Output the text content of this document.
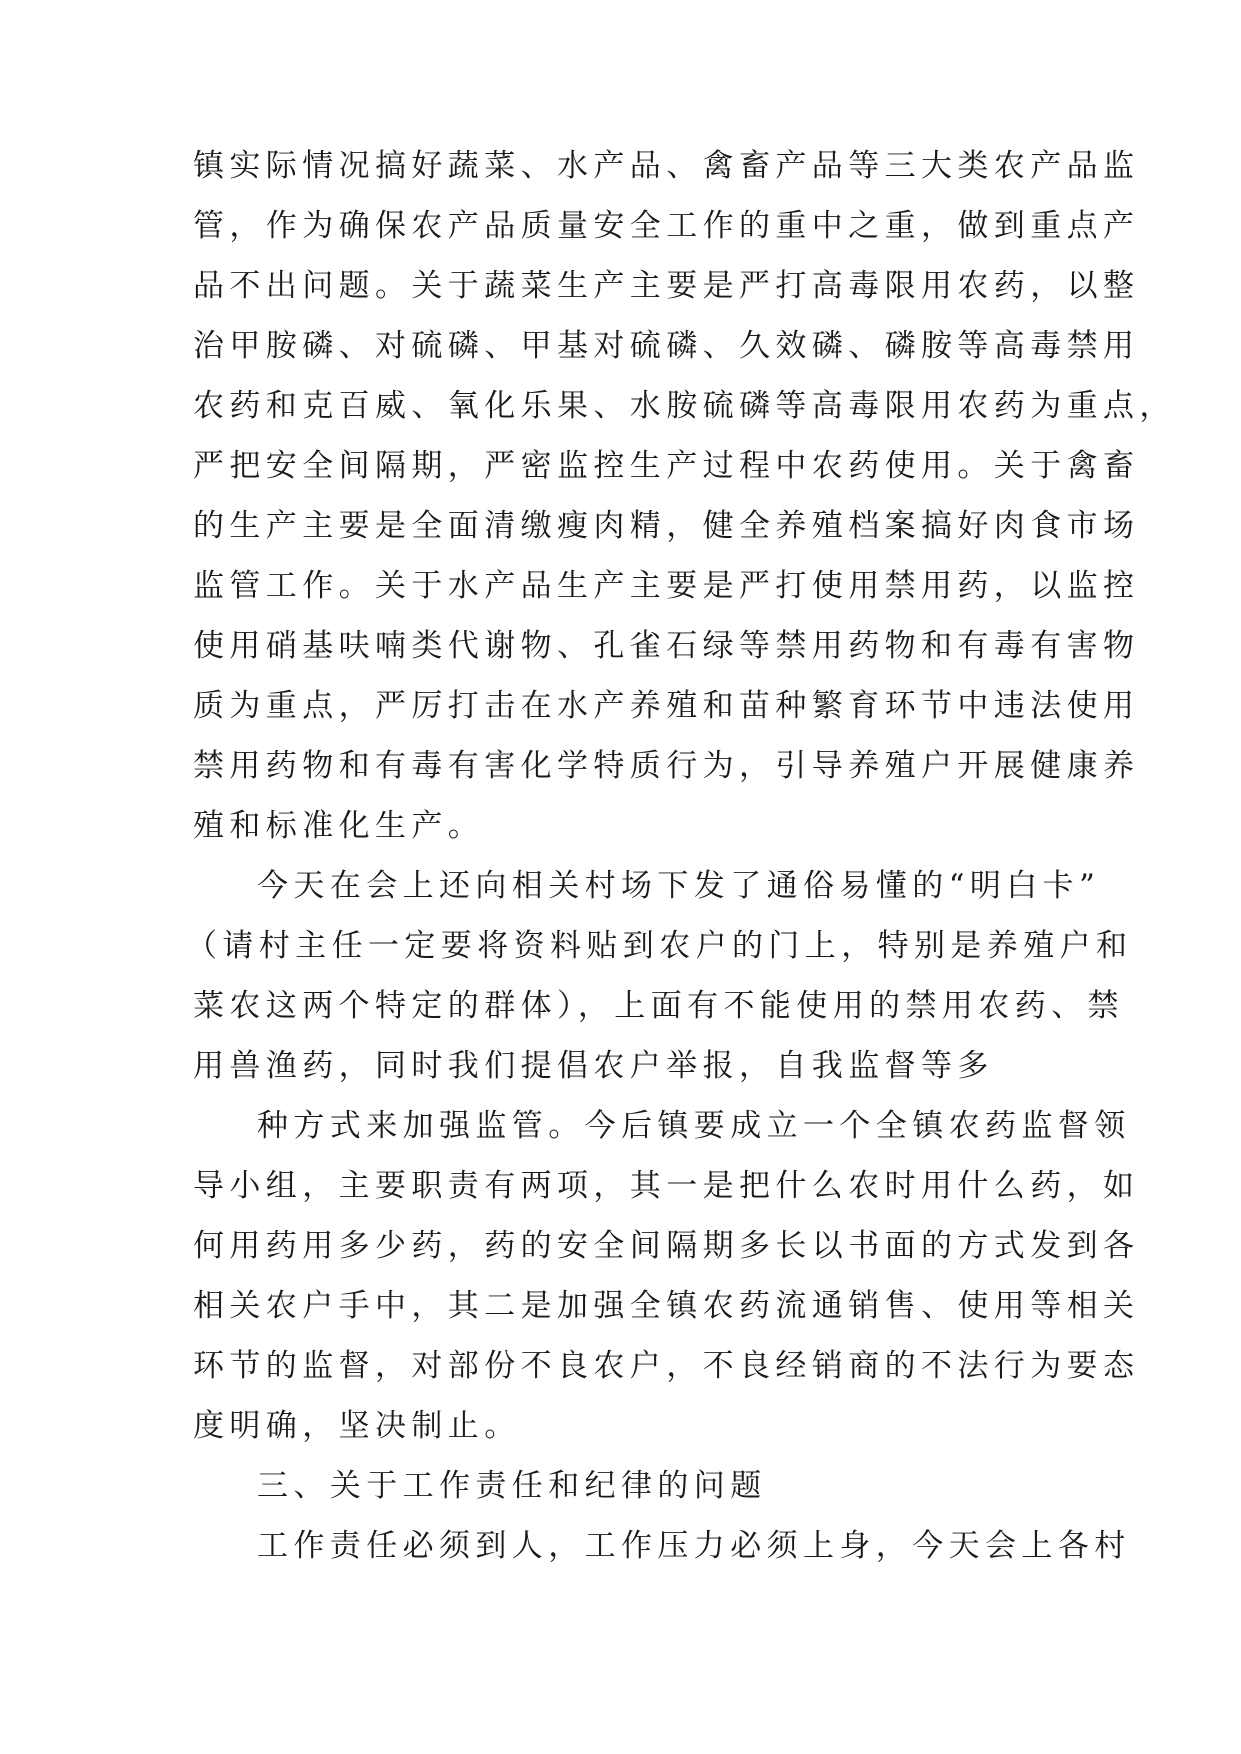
镇实际情况搞好蔬菜、水产品、禽畜产品等三大类农产品监
管，作为确保农产品质量安全工作的重中之重，做到重点产
品不出问题。关于蔬菜生产主要是严打高毒限用农药，以整
治甲胺磷、对硫磷、甲基对硫磷、久效磷、磷胺等高毒禁用
农药和克百威、氧化乐果、水胺硫磷等高毒限用农药为重点，
严把安全间隔期，严密监控生产过程中农药使用。关于禽畜
的生产主要是全面清缴瘦肉精，健全养殖档案搞好肉食市场
监管工作。关于水产品生产主要是严打使用禁用药，以监控
使用硝基呋喃类代谢物、孔雀石绿等禁用药物和有毒有害物
质为重点，严厉打击在水产养殖和苗种繁育环节中违法使用
禁用药物和有毒有害化学特质行为，引导养殖户开展健康养
殖和标准化生产。
今天在会上还向相关村场下发了通俗易懂的“明白卡”
（请村主任一定要将资料贴到农户的门上，特别是养殖户和
菜农这两个特定的群体），上面有不能使用的禁用农药、禁
用兽渔药，同时我们提倡农户举报，自我监督等多
种方式来加强监管。今后镇要成立一个全镇农药监督领
导小组，主要职责有两项，其一是把什么农时用什么药，如
何用药用多少药，药的安全间隔期多长以书面的方式发到各
相关农户手中，其二是加强全镇农药流通销售、使用等相关
环节的监督，对部份不良农户，不良经销商的不法行为要态
度明确，坚决制止。
三、关于工作责任和纪律的问题
工作责任必须到人，工作压力必须上身，今天会上各村
